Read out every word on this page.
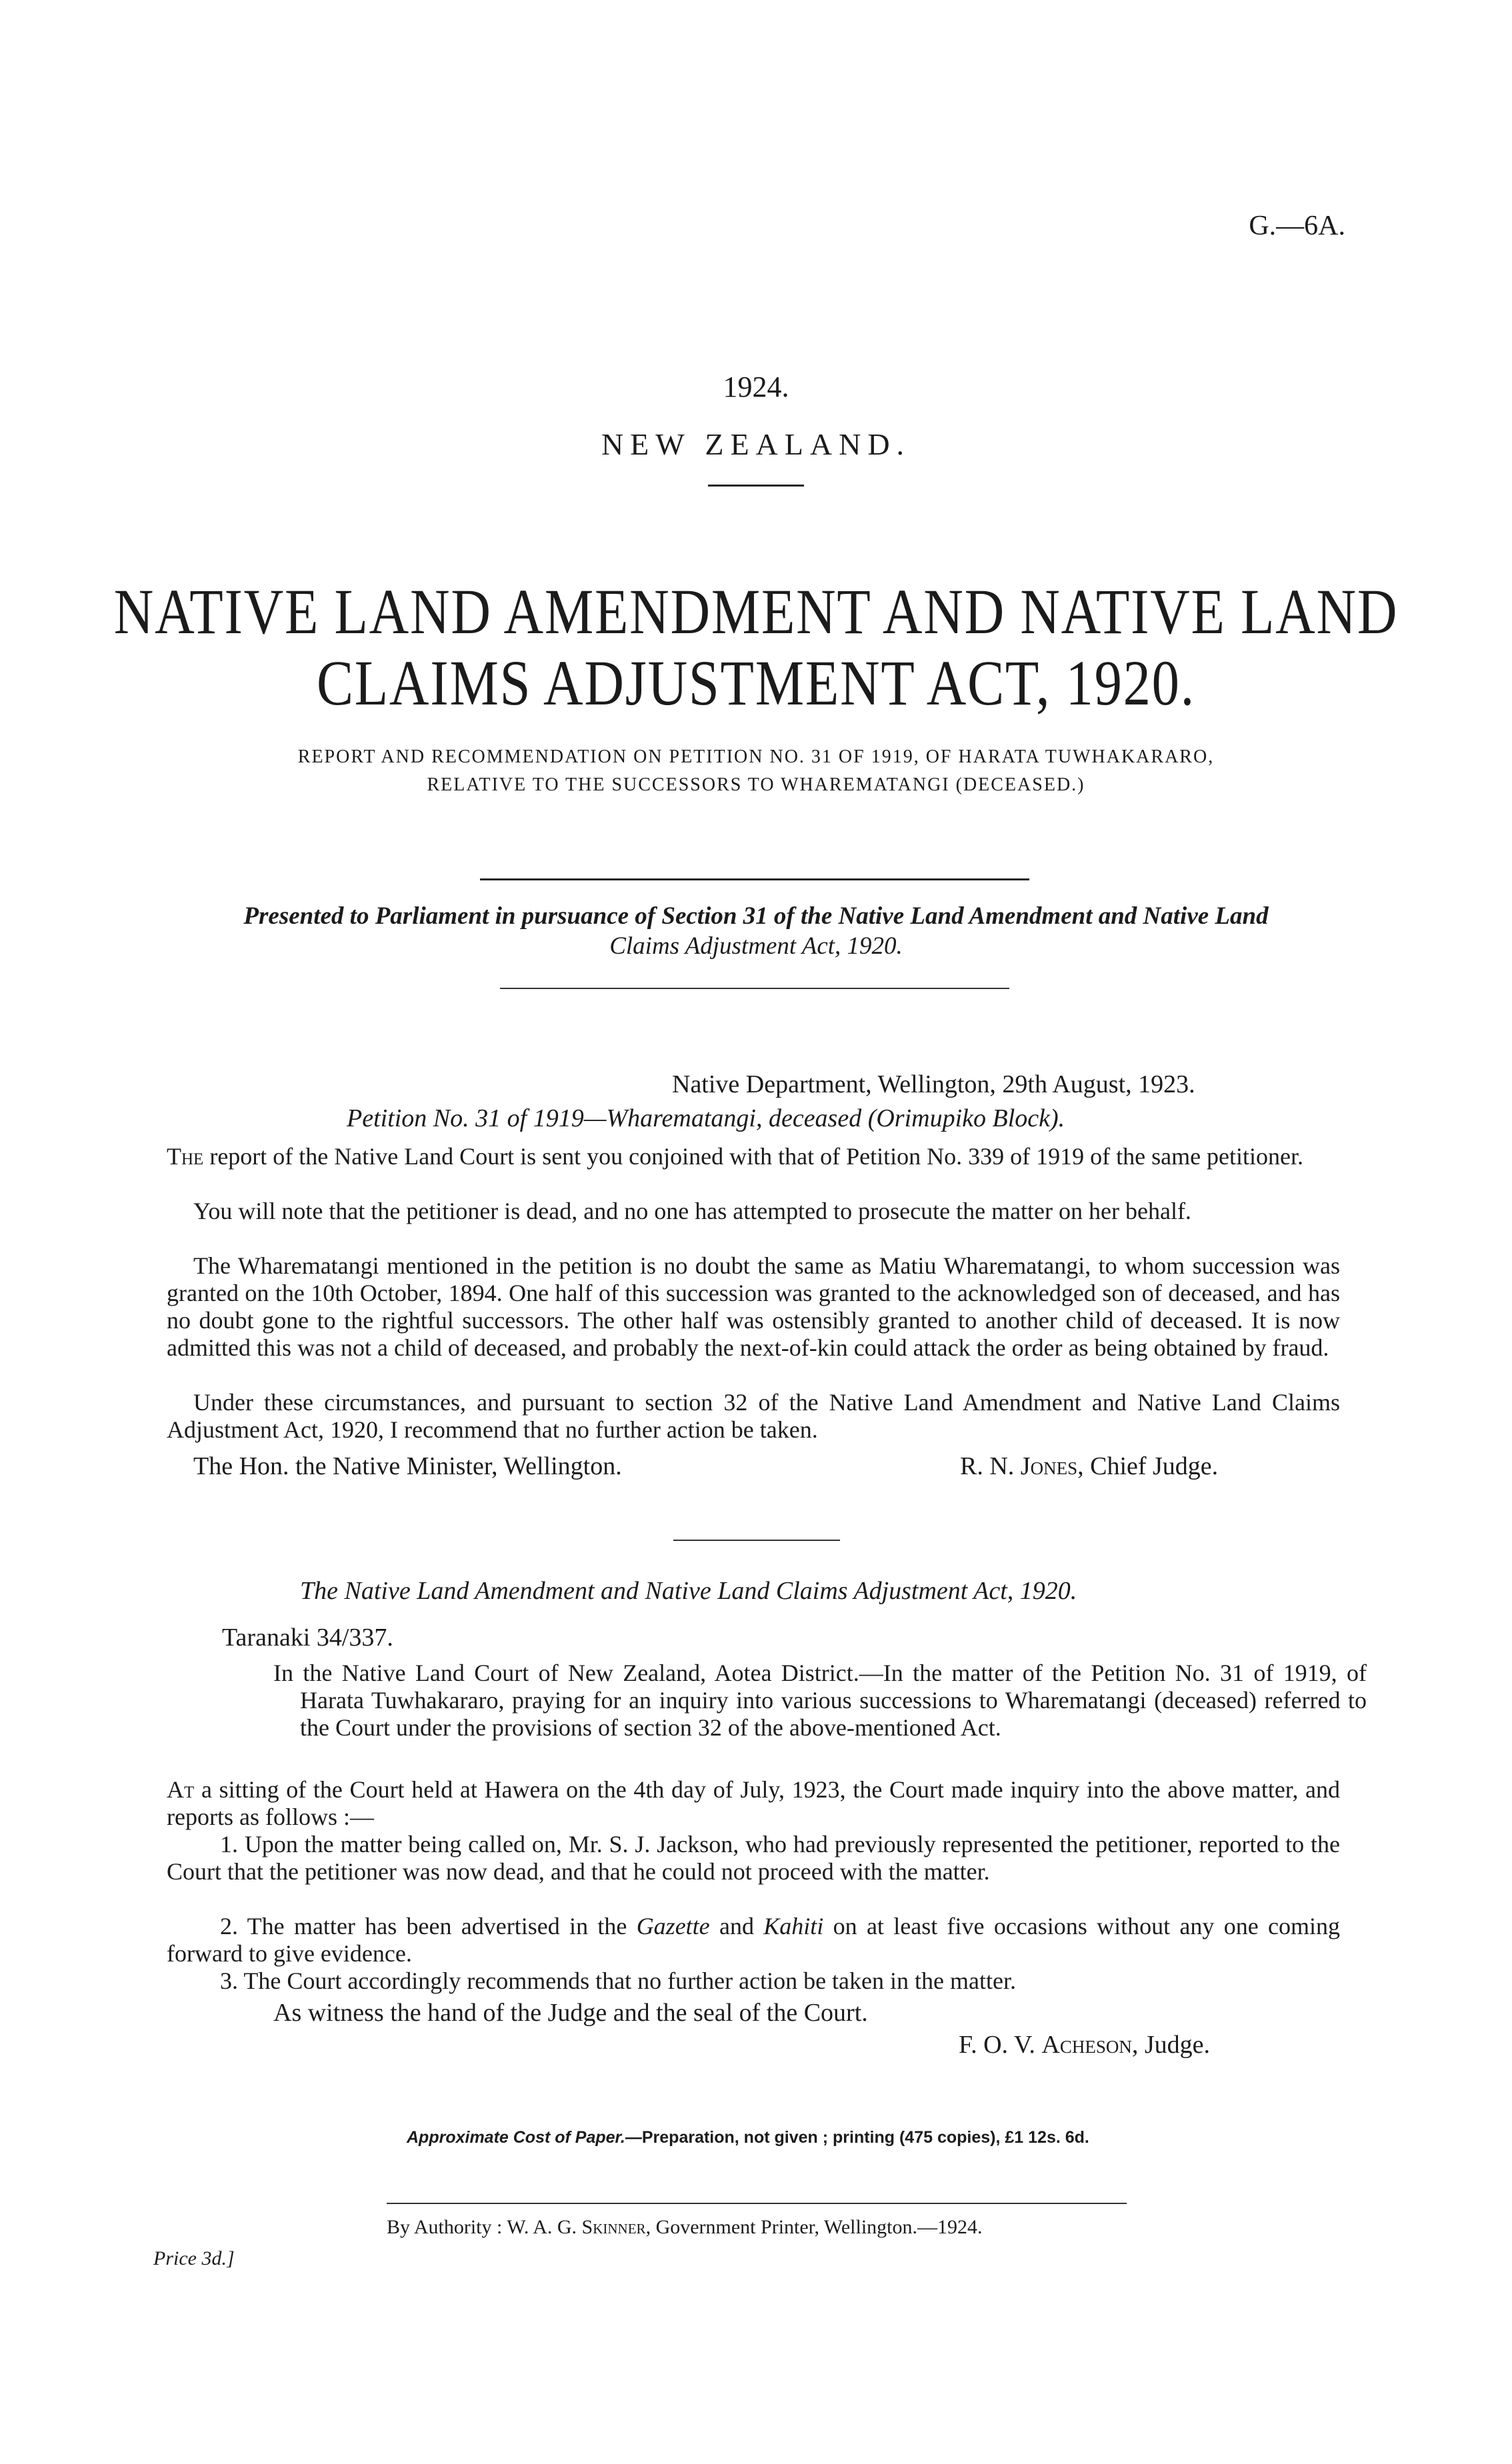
G.—6A.
1924.
NEW ZEALAND.
NATIVE LAND AMENDMENT AND NATIVE LAND
CLAIMS ADJUSTMENT ACT, 1920.
REPORT AND RECOMMENDATION ON PETITION NO. 31 OF 1919, OF HARATA TUWHAKARARO,
RELATIVE TO THE SUCCESSORS TO WHAREMATANGI (DECEASED.)
Presented to Parliament in pursuance of Section 31 of the Native Land Amendment and Native Land
Claims Adjustment Act, 1920.
Native Department, Wellington, 29th August, 1923.
Petition No. 31 of 1919—Wharematangi, deceased (Orimupiko Block).
The report of the Native Land Court is sent you conjoined with that of Petition No. 339 of 1919 of the same petitioner.
You will note that the petitioner is dead, and no one has attempted to prosecute the matter on her behalf.
The Wharematangi mentioned in the petition is no doubt the same as Matiu Wharematangi, to whom succession was granted on the 10th October, 1894. One half of this succession was granted to the acknowledged son of deceased, and has no doubt gone to the rightful successors. The other half was ostensibly granted to another child of deceased. It is now admitted this was not a child of deceased, and probably the next-of-kin could attack the order as being obtained by fraud.
Under these circumstances, and pursuant to section 32 of the Native Land Amendment and Native Land Claims Adjustment Act, 1920, I recommend that no further action be taken.
The Hon. the Native Minister, Wellington.	R. N. Jones, Chief Judge.
The Native Land Amendment and Native Land Claims Adjustment Act, 1920.
Taranaki 34/337.
In the Native Land Court of New Zealand, Aotea District.—In the matter of the Petition No. 31 of 1919, of Harata Tuwhakararo, praying for an inquiry into various successions to Wharematangi (deceased) referred to the Court under the provisions of section 32 of the above-mentioned Act.
At a sitting of the Court held at Hawera on the 4th day of July, 1923, the Court made inquiry into the above matter, and reports as follows :—
1. Upon the matter being called on, Mr. S. J. Jackson, who had previously represented the petitioner, reported to the Court that the petitioner was now dead, and that he could not proceed with the matter.
2. The matter has been advertised in the Gazette and Kahiti on at least five occasions without any one coming forward to give evidence.
3. The Court accordingly recommends that no further action be taken in the matter.
As witness the hand of the Judge and the seal of the Court.
F. O. V. Acheson, Judge.
Approximate Cost of Paper.—Preparation, not given ; printing (475 copies), £1 12s. 6d.
By Authority : W. A. G. Skinner, Government Printer, Wellington.—1924.
Price 3d.]
